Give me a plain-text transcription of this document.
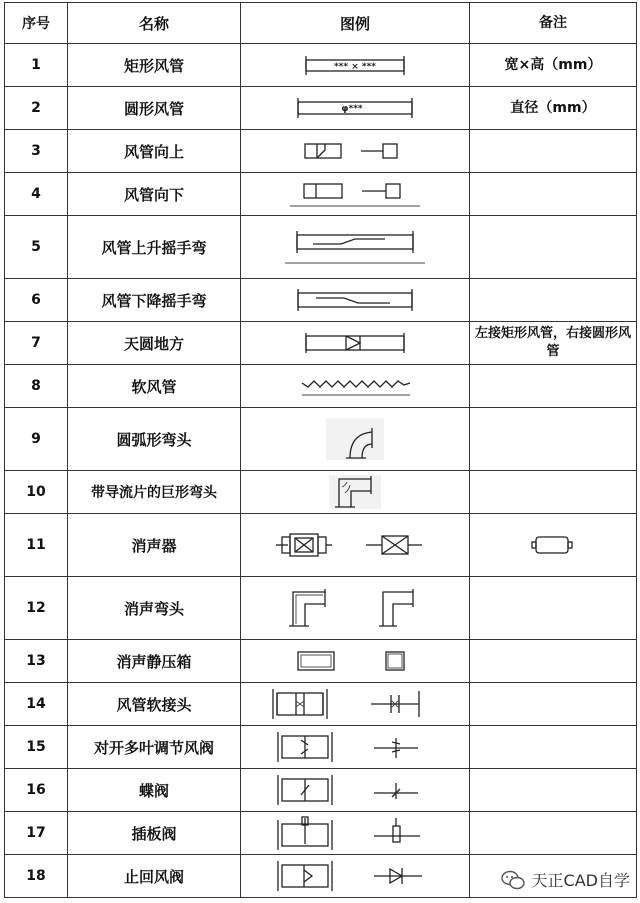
序号	名称	图例	备注
1	矩形风管	*** × ***	宽×高（mm）
2	圆形风管	φ***	直径（mm）
3	风管向上	

4	风管向下	

5	风管上升摇手弯	

6	风管下降摇手弯	

7	天圆地方		左接矩形风管，右接圆形风管
8	软风管	

9	圆弧形弯头	

10	带导流片的巨形弯头	

11	消声器	

12	消声弯头	

13	消声静压箱	

14	风管软接头	

15	对开多叶调节风阀	

16	蝶阀	

17	插板阀	

18	止回风阀	
		天正CAD自学
